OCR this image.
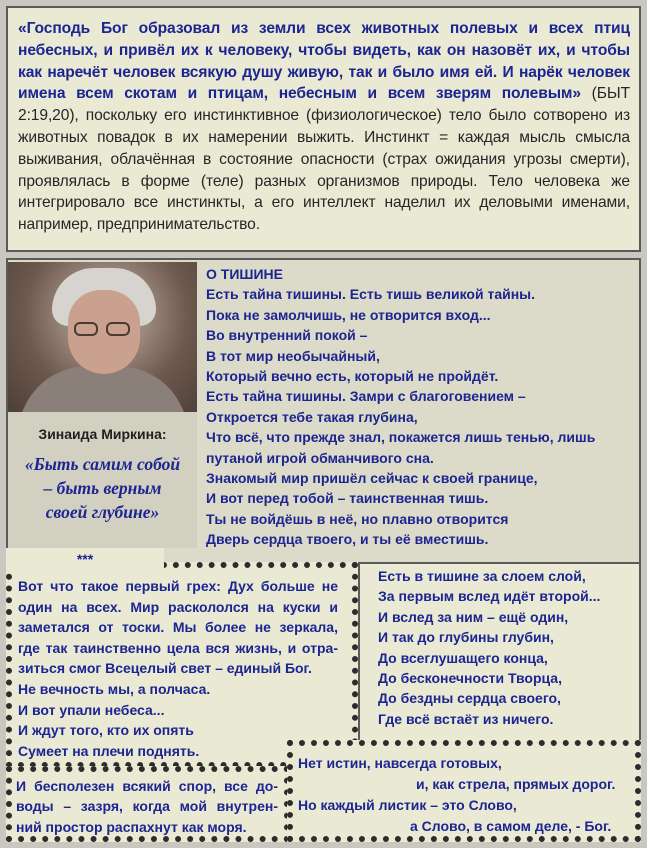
«Господь Бог образовал из земли всех животных полевых и всех птиц небесных, и привёл их к человеку, чтобы видеть, как он назовёт их, и чтобы как наречёт человек всякую душу живую, так и было имя ей. И нарёк человек имена всем скотам и птицам, небесным и всем зверям полевым» (БЫТ 2:19,20), поскольку его инстинктивное (физиологическое) тело было сотворено из животных повадок в их намерении выжить. Инстинкт = каждая мысль смысла выживания, облачённая в состояние опасности (страх ожидания угрозы смерти), проявлялась в форме (теле) разных организмов природы. Тело человека же интегрировало все инстинкты, а его интеллект наделил их деловыми именами, например, предпринимательство.
Зинаида Миркина:
«Быть самим собой
– быть верным
своей глубине»
О ТИШИНЕ
Есть тайна тишины. Есть тишь великой тайны.
Пока не замолчишь, не отворится вход...
Во внутренний покой –
В тот мир необычайный,
Который вечно есть, который не пройдёт.
Есть тайна тишины. Замри с благоговением –
Откроется тебе такая глубина,
Что всё, что прежде знал, покажется лишь тенью, лишь
путаной игрой обманчивого сна.
Знакомый мир пришёл сейчас к своей границе,
И вот перед тобой – таинственная тишь.
Ты не войдёшь в неё, но плавно отворится
Дверь сердца твоего, и ты её вместишь.
***
Вот что такое первый грех: Дух больше не
один на всех. Мир раскололся на куски и
заметался от тоски. Мы более не зеркала,
где так таинственно цела вся жизнь, и отра-
зиться смог Всецелый свет – единый Бог.
Не вечность мы, а полчаса.
И вот упали небеса...
И ждут того, кто их опять
Сумеет на плечи поднять.
Есть в тишине за слоем слой,
За первым вслед идёт второй...
И вслед за ним – ещё один,
И так до глубины глубин,
До всеглушащего конца,
До бесконечности Творца,
До бездны сердца своего,
Где всё встаёт из ничего.
И бесполезен всякий спор, все до-
воды – зазря, когда мой внутрен-
ний простор распахнут как моря.
Нет истин, навсегда готовых,
и, как стрела, прямых дорог.
Но каждый листик – это Слово,
а Слово, в самом деле, - Бог.
